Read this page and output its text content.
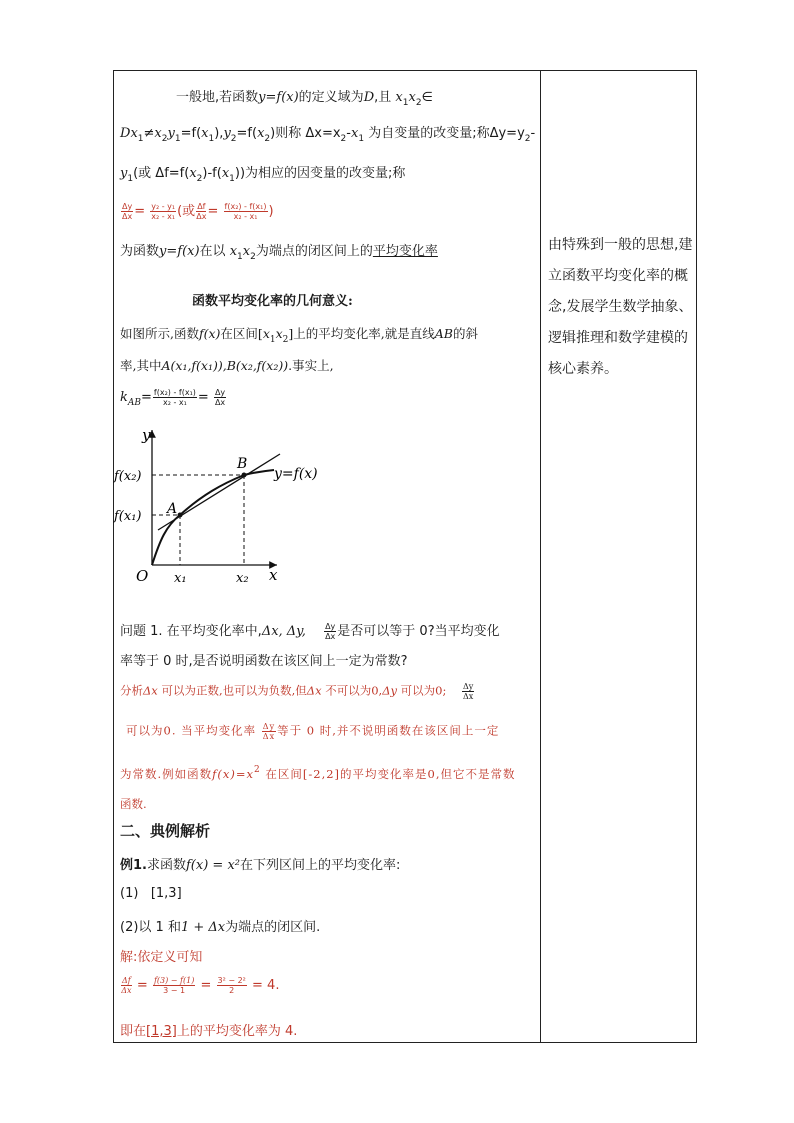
一般地,若函数y=f(x)的定义域为D,且 $x_1x_2\in$
$Dx_1\ne x_2y_1=f(x_1),y_2=f(x_2)$则称 $\Delta x=x_2-x_1$ 为自变量的改变量;称$\Delta y=y_2-$
$y_1$(或 $\Delta f=f(x_2)-f(x_1)$)为相应的因变量的改变量;称
$\frac{\Delta y}{\Delta x} = \frac{\text{y₂ - y₁}}{\text{x₂ - x₁}}$ (或 $\frac{\Delta f}{\Delta x} = \frac{\text{f(x₂) - f(x₁)}}{\text{x₂ - x₁}}$ )
为函数y=f(x)在以 $x_1x_2$为端点的闭区间上的平均变化率
函数平均变化率的几何意义:
如图所示,函数f(x)在区间$[x_1x_2]$上的平均变化率,就是直线AB的斜
率,其中A(x₁,f(x₁)),B(x₂,f(x₂)).事实上,
$k_{AB}= \frac{\text{f(x₂) - f(x₁)}}{\text{x₂ - x₁}} = \frac{\Delta y}{\Delta x}$
y
x
O
f(x₂)
f(x₁)
x₁	x₂
A
B
y=f(x)
问题 1. 在平均变化率中,Δx, Δy, $\frac{\Delta y}{\Delta x}$ 是否可以等于 0?当平均变化
率等于 0 时,是否说明函数在该区间上一定为常数?
分析Δx 可以为正数,也可以为负数,但Δx 不可以为0,Δy 可以为0; $\frac{\Delta y}{\Delta x}$
可以为0. 当平均变化率 $\frac{\Delta y}{\Delta x}$ 等于 0 时,并不说明函数在该区间上一定
为常数.例如函数$f(x)=x^2$ 在区间[-2,2]的平均变化率是0,但它不是常数
函数.
二、典例解析
例1.求函数f(x) = x²在下列区间上的平均变化率:
(1) [1,3]
(2)以 1 和1 + Δx为端点的闭区间.
解:依定义可知
$\frac{\Delta f}{\Delta x} = \frac{f(3) - f(1)}{3 - 1} = \frac{\text{3² − 2²}}{2} = 4$.
即在[1,3]上的平均变化率为 4.
由特殊到一般的思想,建立函数平均变化率的概念,发展学生数学抽象、逻辑推理和数学建模的核心素养。
